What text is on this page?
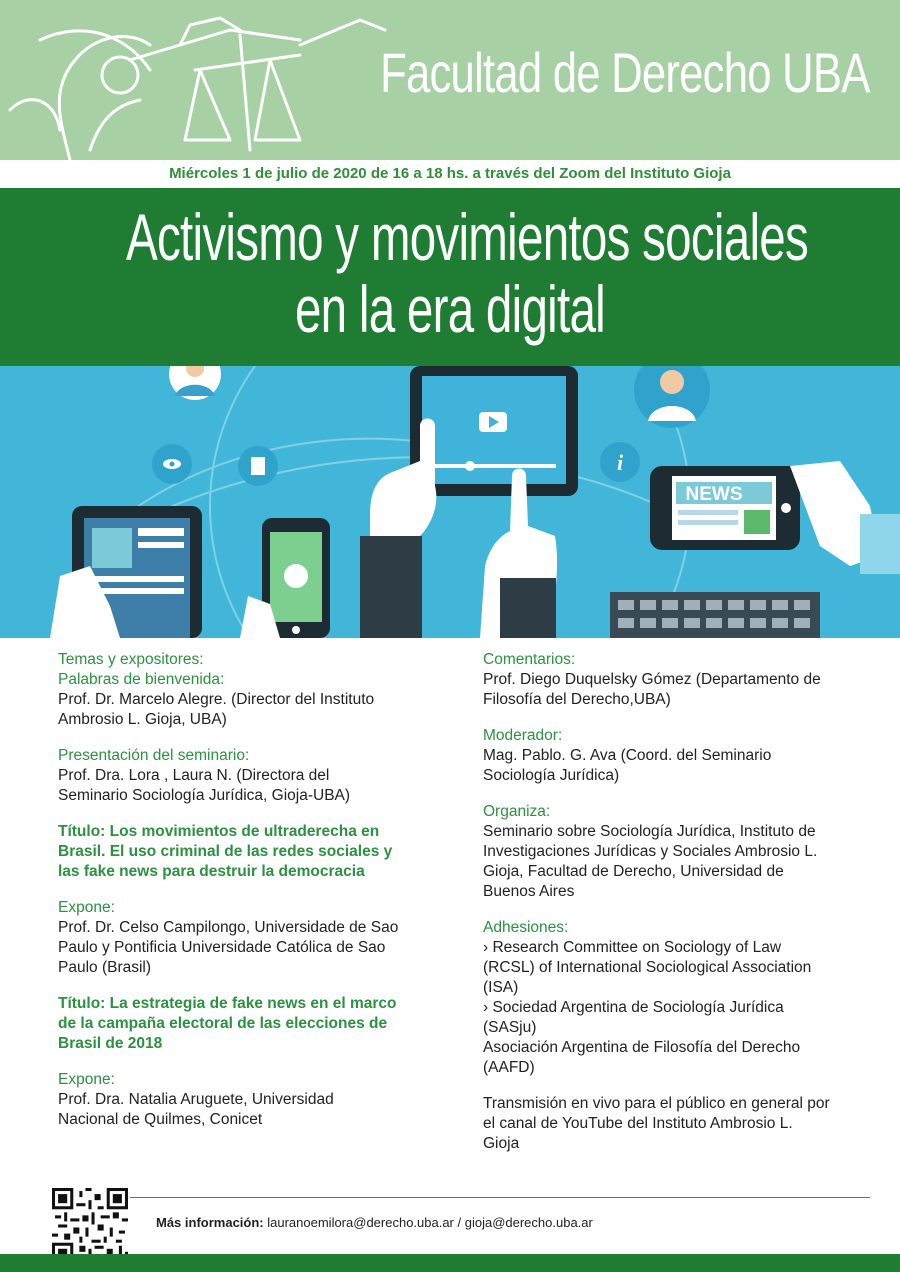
Facultad de Derecho UBA
Miércoles 1 de julio de 2020 de 16 a 18 hs. a través del Zoom del Instituto Gioja
Activismo y movimientos sociales
en la era digital
i
NEWS
Temas y expositores:
Palabras de bienvenida:
Prof. Dr. Marcelo Alegre. (Director del Instituto
Ambrosio L. Gioja, UBA)
Presentación del seminario:
Prof. Dra. Lora , Laura N. (Directora del
Seminario Sociología Jurídica, Gioja-UBA)
Título: Los movimientos de ultraderecha en
Brasil. El uso criminal de las redes sociales y
las fake news para destruir la democracia
Expone:
Prof. Dr. Celso Campilongo, Universidade de Sao
Paulo y Pontificia Universidade Católica de Sao
Paulo (Brasil)
Título: La estrategia de fake news en el marco
de la campaña electoral de las elecciones de
Brasil de 2018
Expone:
Prof. Dra. Natalia Aruguete, Universidad
Nacional de Quilmes, Conicet
Comentarios:
Prof. Diego Duquelsky Gómez (Departamento de
Filosofía del Derecho,UBA)
Moderador:
Mag. Pablo. G. Ava (Coord. del Seminario
Sociología Jurídica)
Organiza:
Seminario sobre Sociología Jurídica, Instituto de
Investigaciones Jurídicas y Sociales Ambrosio L.
Gioja, Facultad de Derecho, Universidad de
Buenos Aires
Adhesiones:
› Research Committee on Sociology of Law
(RCSL) of International Sociological Association
(ISA)
› Sociedad Argentina de Sociología Jurídica
(SASju)
Asociación Argentina de Filosofía del Derecho
(AAFD)
Transmisión en vivo para el público en general por
el canal de YouTube del Instituto Ambrosio L.
Gioja
Más información: lauranoemilora@derecho.uba.ar / gioja@derecho.uba.ar
